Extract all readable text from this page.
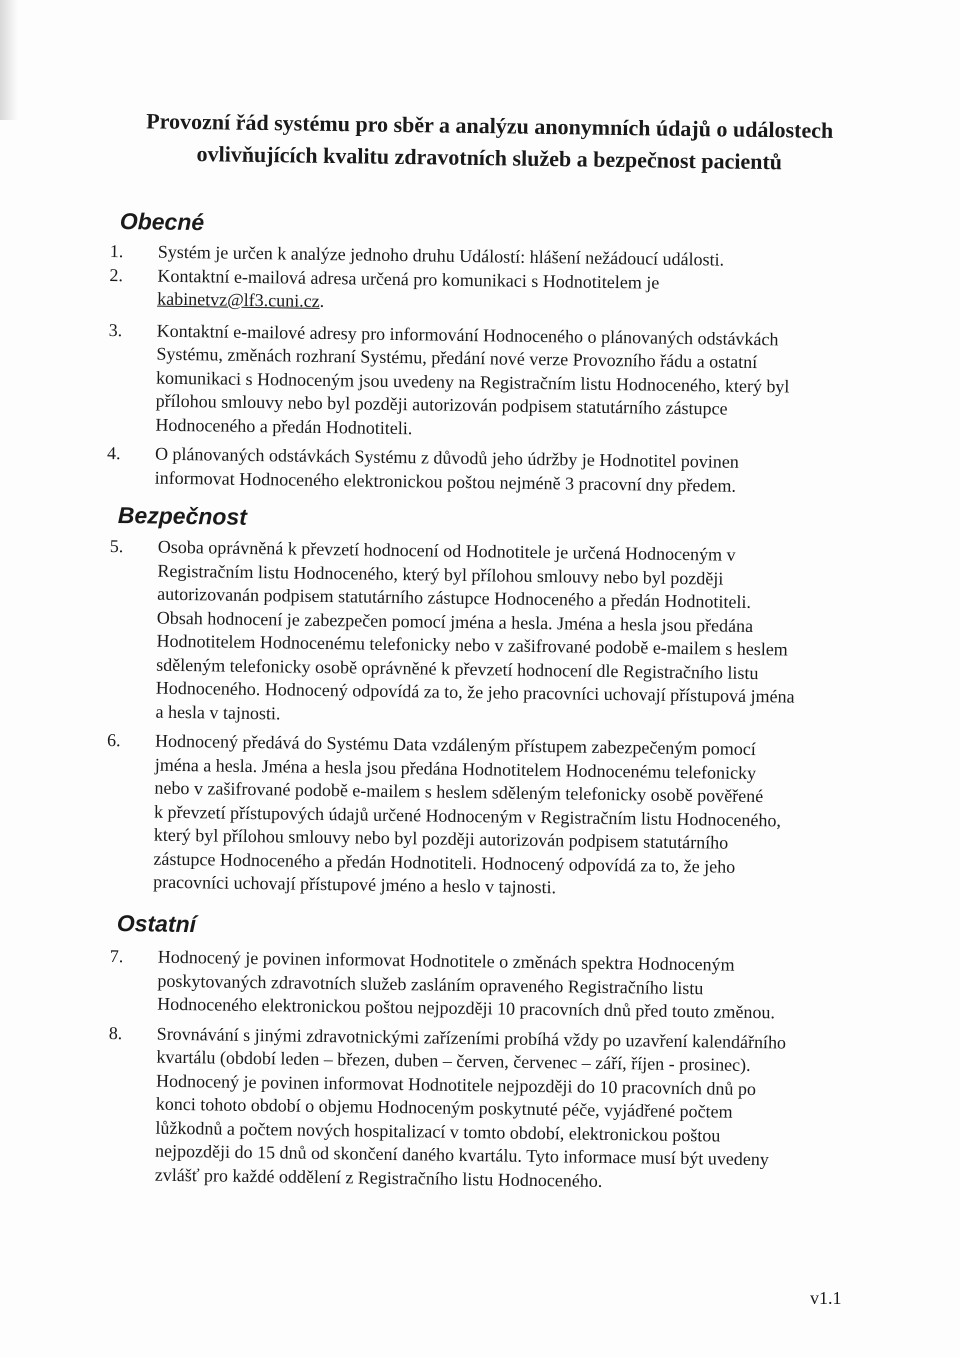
Provozní řád systému pro sběr a analýzu anonymních údajů o událostech
ovlivňujících kvalitu zdravotních služeb a bezpečnost pacientů
Obecné
1.	Systém je určen k analýze jednoho druhu Událostí: hlášení nežádoucí události.
2.	Kontaktní e-mailová adresa určená pro komunikaci s Hodnotitelem je
kabinetvz@lf3.cuni.cz.
3.	Kontaktní e-mailové adresy pro informování Hodnoceného o plánovaných odstávkách
Systému, změnách rozhraní Systému, předání nové verze Provozního řádu a ostatní
komunikaci s Hodnoceným jsou uvedeny na Registračním listu Hodnoceného, který byl
přílohou smlouvy nebo byl později autorizován podpisem statutárního zástupce
Hodnoceného a předán Hodnotiteli.
4.	O plánovaných odstávkách Systému z důvodů jeho údržby je Hodnotitel povinen
informovat Hodnoceného elektronickou poštou nejméně 3 pracovní dny předem.
Bezpečnost
5.	Osoba oprávněná k převzetí hodnocení od Hodnotitele je určená Hodnoceným v
Registračním listu Hodnoceného, který byl přílohou smlouvy nebo byl později
autorizovanán podpisem statutárního zástupce Hodnoceného a předán Hodnotiteli.
Obsah hodnocení je zabezpečen pomocí jména a hesla. Jména a hesla jsou předána
Hodnotitelem Hodnocenému telefonicky nebo v zašifrované podobě e-mailem s heslem
sděleným telefonicky osobě oprávněné k převzetí hodnocení dle Registračního listu
Hodnoceného. Hodnocený odpovídá za to, že jeho pracovníci uchovají přístupová jména
a hesla v tajnosti.
6.	Hodnocený předává do Systému Data vzdáleným přístupem zabezpečeným pomocí
jména a hesla. Jména a hesla jsou předána Hodnotitelem Hodnocenému telefonicky
nebo v zašifrované podobě e-mailem s heslem sděleným telefonicky osobě pověřené
k převzetí přístupových údajů určené Hodnoceným v Registračním listu Hodnoceného,
který byl přílohou smlouvy nebo byl později autorizován podpisem statutárního
zástupce Hodnoceného a předán Hodnotiteli. Hodnocený odpovídá za to, že jeho
pracovníci uchovají přístupové jméno a heslo v tajnosti.
Ostatní
7.	Hodnocený je povinen informovat Hodnotitele o změnách spektra Hodnoceným
poskytovaných zdravotních služeb zasláním opraveného Registračního listu
Hodnoceného elektronickou poštou nejpozději 10 pracovních dnů před touto změnou.
8.	Srovnávání s jinými zdravotnickými zařízeními probíhá vždy po uzavření kalendářního
kvartálu (období leden – březen, duben – červen, červenec – září, říjen - prosinec).
Hodnocený je povinen informovat Hodnotitele nejpozději do 10 pracovních dnů po
konci tohoto období o objemu Hodnoceným poskytnuté péče, vyjádřené počtem
lůžkodnů a počtem nových hospitalizací v tomto období, elektronickou poštou
nejpozději do 15 dnů od skončení daného kvartálu. Tyto informace musí být uvedeny
zvlášť pro každé oddělení z Registračního listu Hodnoceného.
v1.1
